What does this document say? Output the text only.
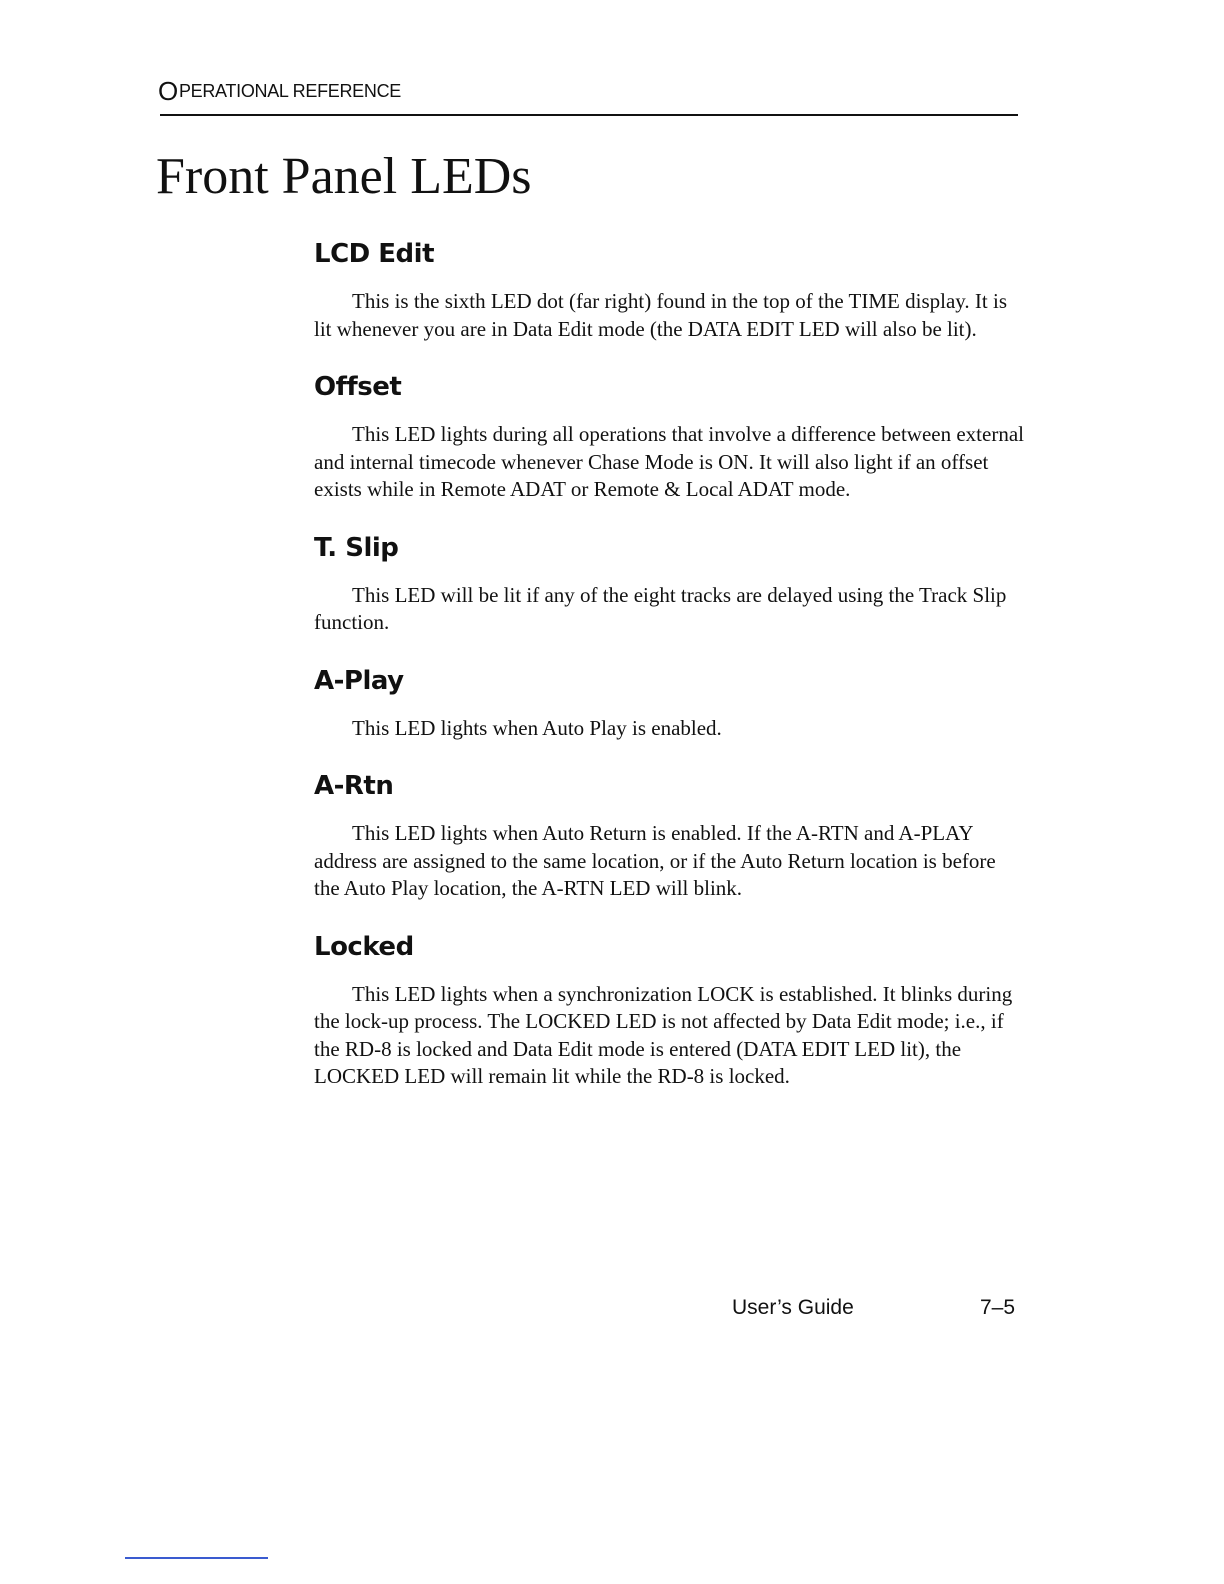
OPERATIONAL REFERENCE
Front Panel LEDs
LCD Edit

This is the sixth LED dot (far right) found in the top of the TIME display. It is lit whenever you are in Data Edit mode (the DATA EDIT LED will also be lit).

Offset

This LED lights during all operations that involve a difference between external and internal timecode whenever Chase Mode is ON. It will also light if an offset exists while in Remote ADAT or Remote & Local ADAT mode.

T. Slip

This LED will be lit if any of the eight tracks are delayed using the Track Slip function.

A-Play

This LED lights when Auto Play is enabled.

A-Rtn

This LED lights when Auto Return is enabled. If the A-RTN and A-PLAY address are assigned to the same location, or if the Auto Return location is before the Auto Play location, the A-RTN LED will blink.

Locked

This LED lights when a synchronization LOCK is established. It blinks during the lock-up process. The LOCKED LED is not affected by Data Edit mode; i.e., if the RD-8 is locked and Data Edit mode is entered (DATA EDIT LED lit), the LOCKED LED will remain lit while the RD-8 is locked.

User’s Guide	7–5
